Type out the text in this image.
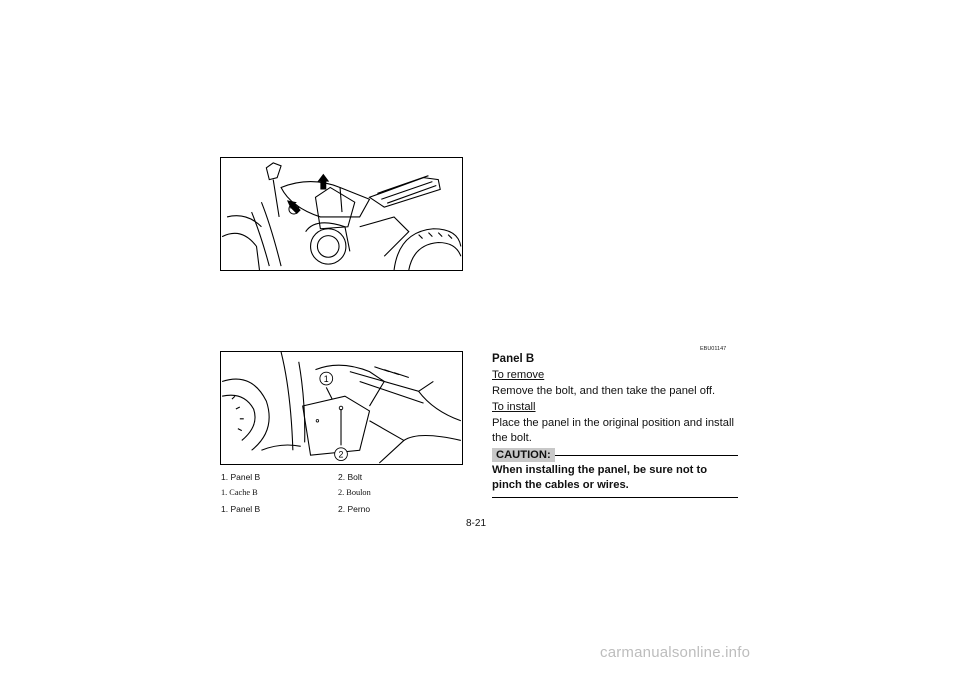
1
2
1. Panel B	2. Bolt
1. Cache B	2. Boulon
1. Panel B	2. Perno
EBU01147
Panel B
To remove
Remove the bolt, and then take the panel off.
To install
Place the panel in the original position and install the bolt.
CAUTION:
When installing the panel, be sure not to pinch the cables or wires.
8-21
carmanualsonline.info
